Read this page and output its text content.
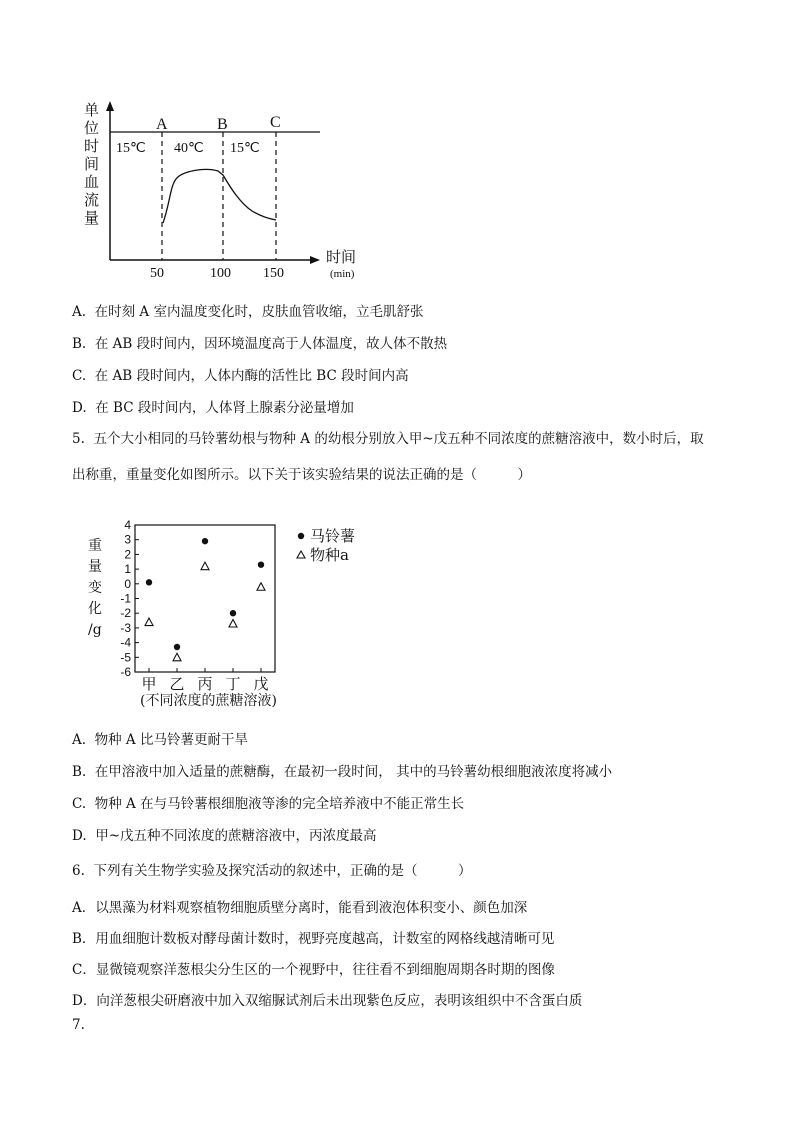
单位时间血流量
A	B	C
15℃ 40℃ 15℃
50	100 150
时间
(min)
A. 在时刻 A 室内温度变化时，皮肤血管收缩，立毛肌舒张
B. 在 AB 段时间内，因环境温度高于人体温度，故人体不散热
C. 在 AB 段时间内，人体内酶的活性比 BC 段时间内高
D. 在 BC 段时间内，人体肾上腺素分泌量增加
5. 五个大小相同的马铃薯幼根与物种 A 的幼根分别放入甲~戊五种不同浓度的蔗糖溶液中，数小时后，取
出称重，重量变化如图所示。以下关于该实验结果的说法正确的是（　　　）
重
量
变
化
/g
4
3
2
1
0
-1
-2
-3
-4
-5
-6
甲 乙 丙 丁 戊
(不同浓度的蔗糖溶液)
马铃薯
物种a
A. 物种 A 比马铃薯更耐干旱
B. 在甲溶液中加入适量的蔗糖酶，在最初一段时间， 其中的马铃薯幼根细胞液浓度将减小
C. 物种 A 在与马铃薯根细胞液等渗的完全培养液中不能正常生长
D. 甲~戊五种不同浓度的蔗糖溶液中，丙浓度最高
6. 下列有关生物学实验及探究活动的叙述中，正确的是（　　　）
A．以黑藻为材料观察植物细胞质壁分离时，能看到液泡体积变小、颜色加深
B．用血细胞计数板对酵母菌计数时，视野亮度越高，计数室的网格线越清晰可见
C．显微镜观察洋葱根尖分生区的一个视野中，往往看不到细胞周期各时期的图像
D．向洋葱根尖研磨液中加入双缩脲试剂后未出现紫色反应，表明该组织中不含蛋白质
7.
